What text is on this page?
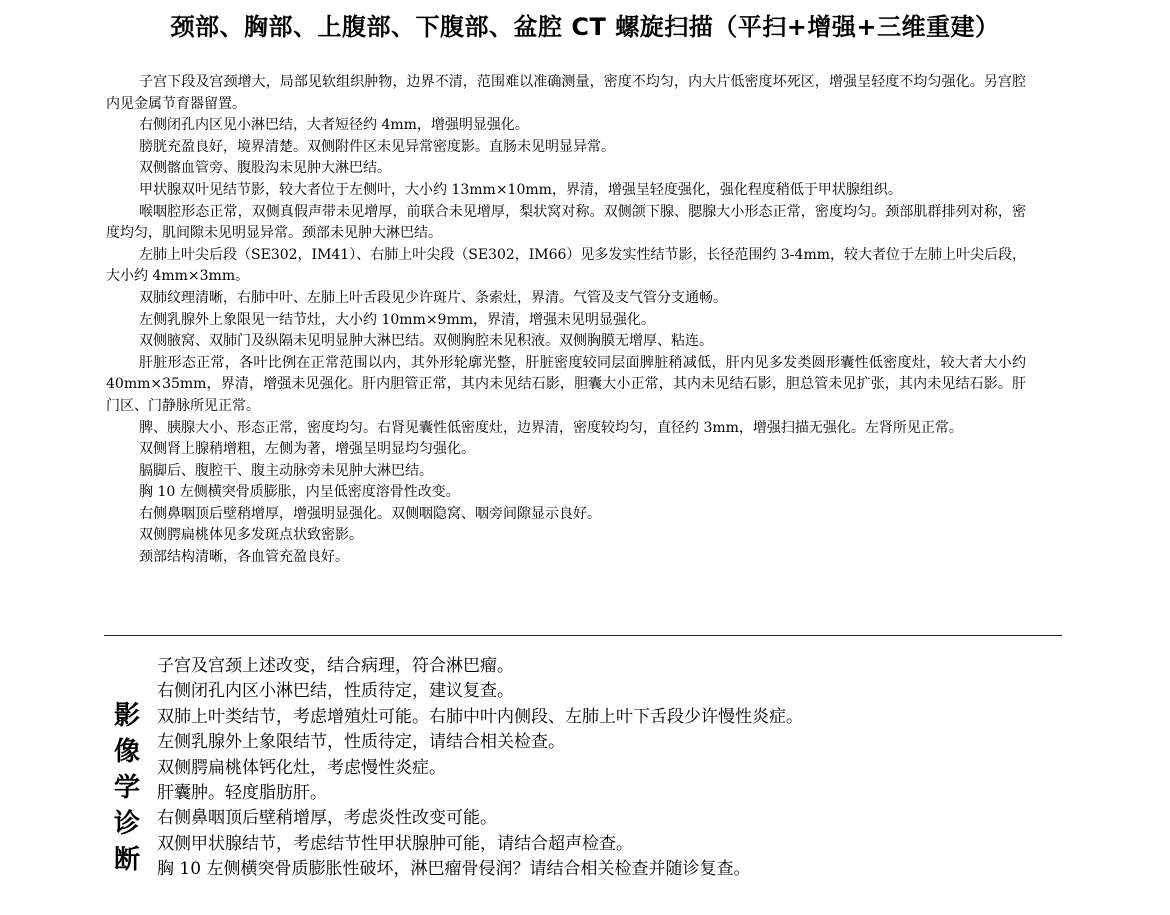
颈部、胸部、上腹部、下腹部、盆腔 CT 螺旋扫描（平扫+增强+三维重建）

子宫下段及宫颈增大，局部见软组织肿物，边界不清，范围难以准确测量，密度不均匀，内大片低密度坏死区，增强呈轻度不均匀强化。另宫腔内见金属节育器留置。

右侧闭孔内区见小淋巴结，大者短径约 4mm，增强明显强化。

膀胱充盈良好，境界清楚。双侧附件区未见异常密度影。直肠未见明显异常。

双侧髂血管旁、腹股沟未见肿大淋巴结。

甲状腺双叶见结节影，较大者位于左侧叶，大小约 13mm×10mm，界清，增强呈轻度强化，强化程度稍低于甲状腺组织。

喉咽腔形态正常，双侧真假声带未见增厚，前联合未见增厚，梨状窝对称。双侧颌下腺、腮腺大小形态正常，密度均匀。颈部肌群排列对称，密度均匀，肌间隙未见明显异常。颈部未见肿大淋巴结。

左肺上叶尖后段（SE302，IM41）、右肺上叶尖段（SE302，IM66）见多发实性结节影，长径范围约 3-4mm，较大者位于左肺上叶尖后段，大小约 4mm×3mm。

双肺纹理清晰，右肺中叶、左肺上叶舌段见少许斑片、条索灶，界清。气管及支气管分支通畅。

左侧乳腺外上象限见一结节灶，大小约 10mm×9mm，界清，增强未见明显强化。

双侧腋窝、双肺门及纵隔未见明显肿大淋巴结。双侧胸腔未见积液。双侧胸膜无增厚、粘连。

肝脏形态正常，各叶比例在正常范围以内，其外形轮廓光整，肝脏密度较同层面脾脏稍减低，肝内见多发类圆形囊性低密度灶，较大者大小约 40mm×35mm，界清，增强未见强化。肝内胆管正常，其内未见结石影，胆囊大小正常，其内未见结石影，胆总管未见扩张，其内未见结石影。肝门区、门静脉所见正常。

脾、胰腺大小、形态正常，密度均匀。右肾见囊性低密度灶，边界清，密度较均匀，直径约 3mm，增强扫描无强化。左肾所见正常。

双侧肾上腺稍增粗，左侧为著，增强呈明显均匀强化。

膈脚后、腹腔干、腹主动脉旁未见肿大淋巴结。

胸 10 左侧横突骨质膨胀，内呈低密度溶骨性改变。

右侧鼻咽顶后壁稍增厚，增强明显强化。双侧咽隐窝、咽旁间隙显示良好。

双侧腭扁桃体见多发斑点状致密影。

颈部结构清晰，各血管充盈良好。

影
像
学
诊
断

子宫及宫颈上述改变，结合病理，符合淋巴瘤。

右侧闭孔内区小淋巴结，性质待定，建议复查。

双肺上叶类结节，考虑增殖灶可能。右肺中叶内侧段、左肺上叶下舌段少许慢性炎症。

左侧乳腺外上象限结节，性质待定，请结合相关检查。

双侧腭扁桃体钙化灶，考虑慢性炎症。

肝囊肿。轻度脂肪肝。

右侧鼻咽顶后壁稍增厚，考虑炎性改变可能。

双侧甲状腺结节，考虑结节性甲状腺肿可能，请结合超声检查。

胸 10 左侧横突骨质膨胀性破坏，淋巴瘤骨侵润？请结合相关检查并随诊复查。
